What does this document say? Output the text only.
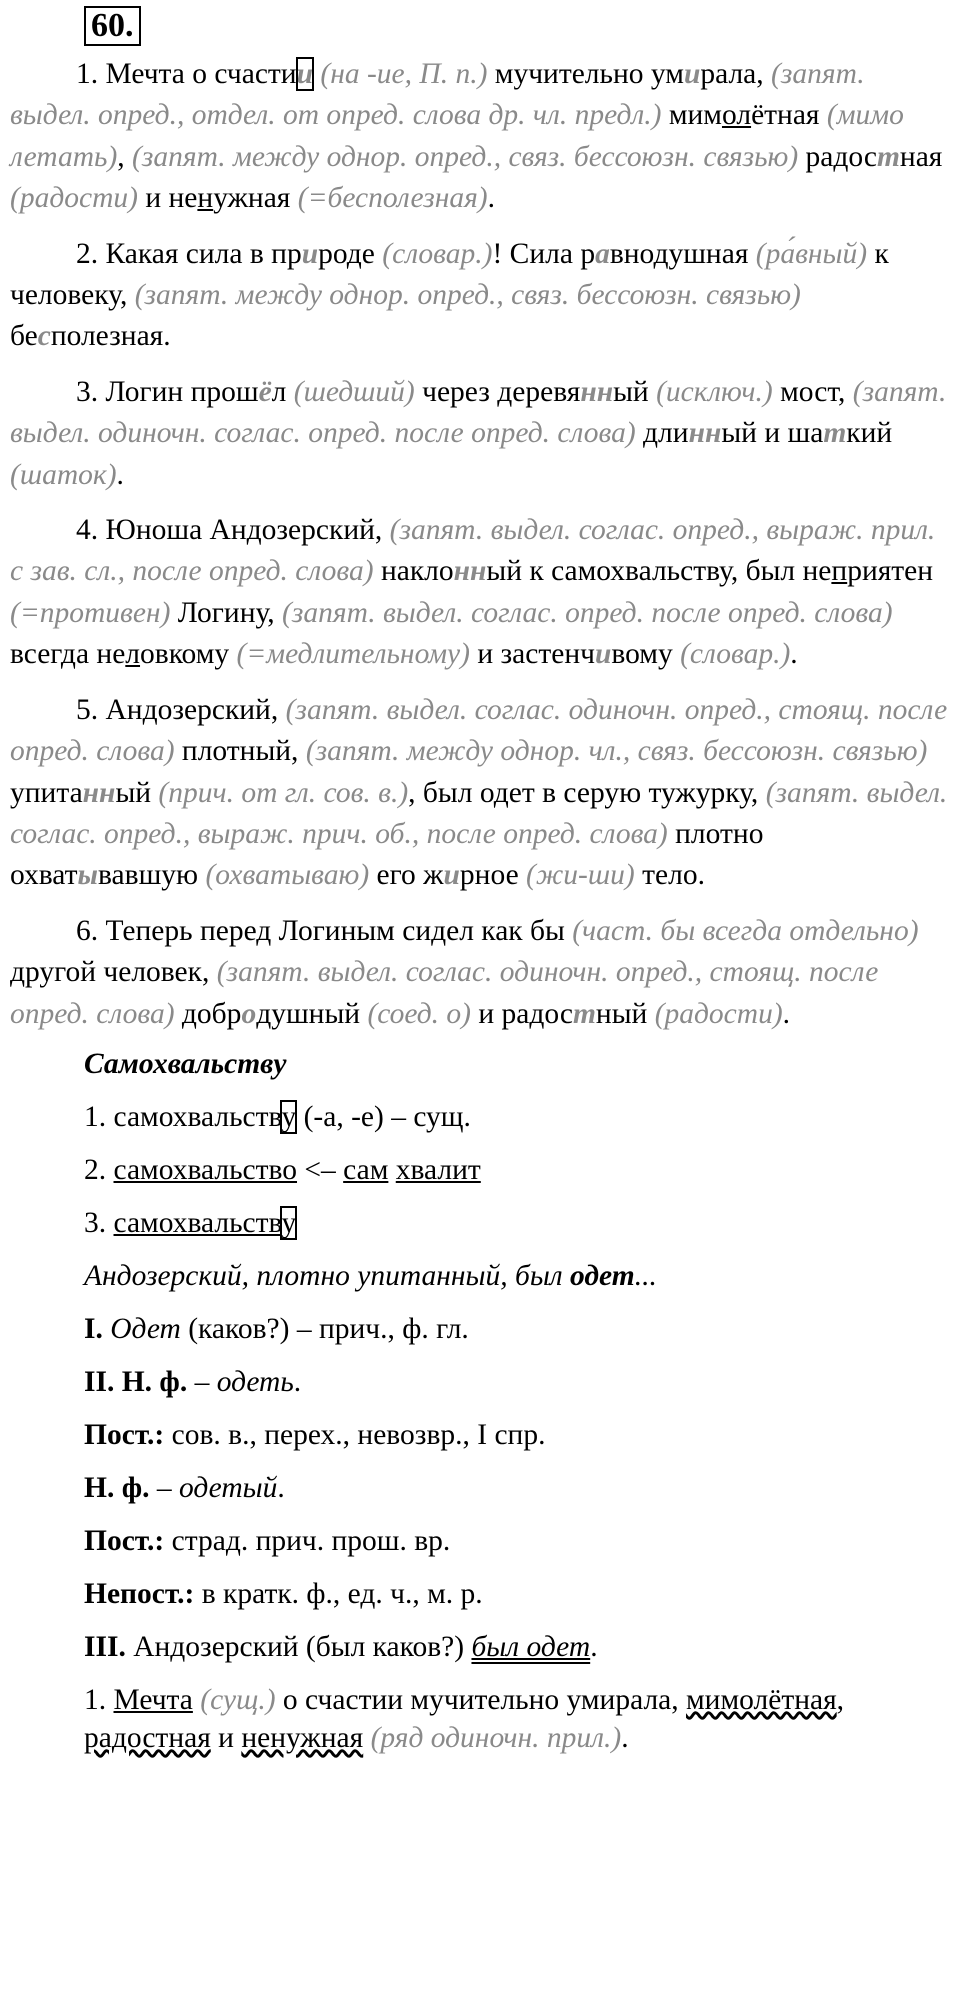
60.
1. Мечта о счастии (на -ие, П. п.) мучительно умирала, (запят. выдел. опред., отдел. от опред. слова др. чл. предл.) мимолётная (мимо летать), (запят. между однор. опред., связ. бессоюзн. связью) радостная (радости) и ненужная (=бесполезная).
2. Какая сила в природе (словар.)! Сила равнодушная (ра́вный) к человеку, (запят. между однор. опред., связ. бессоюзн. связью) бесполезная.
3. Логин прошёл (шедший) через деревянный (исключ.) мост, (запят. выдел. одиночн. соглас. опред. после опред. слова) длинный и шаткий (шаток).
4. Юноша Андозерский, (запят. выдел. соглас. опред., выраж. прил. с зав. сл., после опред. слова) наклонный к самохвальству, был неприятен (=противен) Логину, (запят. выдел. соглас. опред. после опред. слова) всегда неловкому (=медлительному) и застенчивому (словар.).
5. Андозерский, (запят. выдел. соглас. одиночн. опред., стоящ. после опред. слова) плотный, (запят. между однор. чл., связ. бессоюзн. связью) упитанный (прич. от гл. сов. в.), был одет в серую тужурку, (запят. выдел. соглас. опред., выраж. прич. об., после опред. слова) плотно охватывавшую (охватываю) его жирное (жи-ши) тело.
6. Теперь перед Логиным сидел как бы (част. бы всегда отдельно) другой человек, (запят. выдел. соглас. одиночн. опред., стоящ. после опред. слова) добродушный (соед. о) и радостный (радости).
Самохвальству
1. самохвальству (-а, -е) – сущ.
2. самохвальство <– сам хвалит
3. самохвальству
Андозерский, плотно упитанный, был одет...
I. Одет (каков?) – прич., ф. гл.
II. Н. ф. – одеть.
Пост.: сов. в., перех., невозвр., I спр.
Н. ф. – одетый.
Пост.: страд. прич. прош. вр.
Непост.: в кратк. ф., ед. ч., м. р.
III. Андозерский (был каков?) был одет.
1. Мечта (сущ.) о счастии мучительно умирала, мимолётная, радостная и ненужная (ряд одиночн. прил.).
